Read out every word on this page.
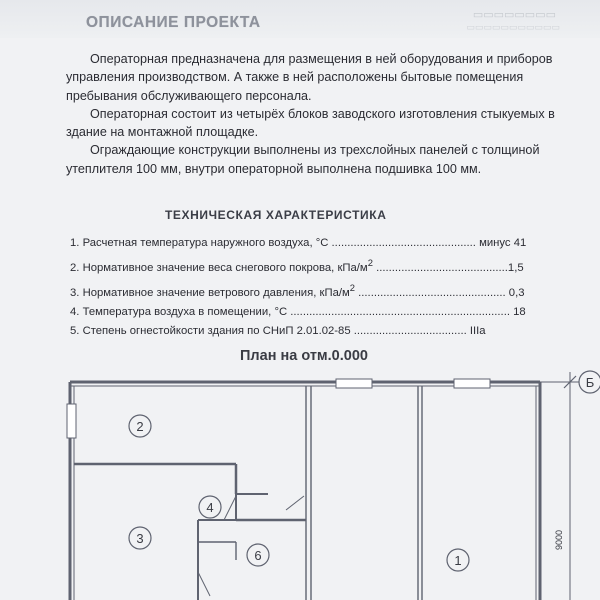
▭▭▭▭▭▭▭▭
▭▭▭▭▭▭▭▭▭▭▭
ОПИСАНИЕ ПРОЕКТА

Операторная предназначена для размещения в ней оборудования и приборов управления производством. А также в ней расположены бытовые помещения пребывания обслуживающего персонала.

Операторная состоит из четырёх блоков заводского изготовления стыкуемых в здание на монтажной площадке.

Ограждающие конструкции выполнены из трехслойных панелей с толщиной утеплителя 100 мм, внутри операторной выполнена подшивка 100 мм.

ТЕХНИЧЕСКАЯ ХАРАКТЕРИСТИКА
1. Расчетная температура наружного воздуха, °С .............................................. минус 41
2. Нормативное значение веса снегового покрова, кПа/$м^2$ ..........................................1,5
3. Нормативное значение ветрового давления, кПа/$м^2$ ............................................... 0,3
4. Температура воздуха в помещении, °С ...................................................................... 18
5. Степень огнестойкости здания по СНиП 2.01.02-85 .................................... IIIa
План на отм.0.000
2
3
4
6	1
9000
Б
